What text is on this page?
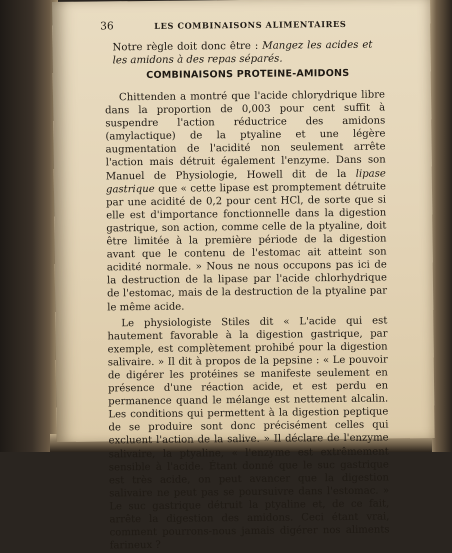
36	LES COMBINAISONS ALIMENTAIRES
Notre règle doit donc être : Mangez les acides et les amidons à des repas séparés.
COMBINAISONS PROTEINE-AMIDONS

Chittenden a montré que l'acide chlorydrique libre dans la proportion de 0,003 pour cent suffit à suspendre l'action réductrice des amidons (amylactique) de la ptyaline et une légère augmentation de l'acidité non seulement arrête l'action mais détruit également l'enzyme. Dans son Manuel de Physiologie, Howell dit de la lipase gastrique que « cette lipase est promptement détruite par une acidité de 0,2 pour cent HCl, de sorte que si elle est d'importance fonctionnelle dans la digestion gastrique, son action, comme celle de la ptyaline, doit être limitée à la première période de la digestion avant que le contenu de l'estomac ait atteint son acidité normale. » Nous ne nous occupons pas ici de la destruction de la lipase par l'acide chlorhydrique de l'estomac, mais de la destruction de la ptyaline par le même acide.

Le physiologiste Stiles dit « L'acide qui est hautement favorable à la digestion gastrique, par exemple, est complètement prohibé pour la digestion salivaire. » Il dit à propos de la pepsine : « Le pouvoir de digérer les protéines se manifeste seulement en présence d'une réaction acide, et est perdu en permanence quand le mélange est nettement alcalin. Les conditions qui permettent à la digestion peptique de se produire sont donc précisément celles qui excluent l'action de la salive. » Il déclare de l'enzyme salivaire, la ptyaline, « l'enzyme est extrêmement sensible à l'acide. Étant donné que le suc gastrique est très acide, on peut avancer que la digestion salivaire ne peut pas se poursuivre dans l'estomac. » Le suc gastrique détruit la ptyaline et, de ce fait, arrête la digestion des amidons. Ceci étant vrai, comment pourrons-nous jamais digérer nos aliments farineux ?
